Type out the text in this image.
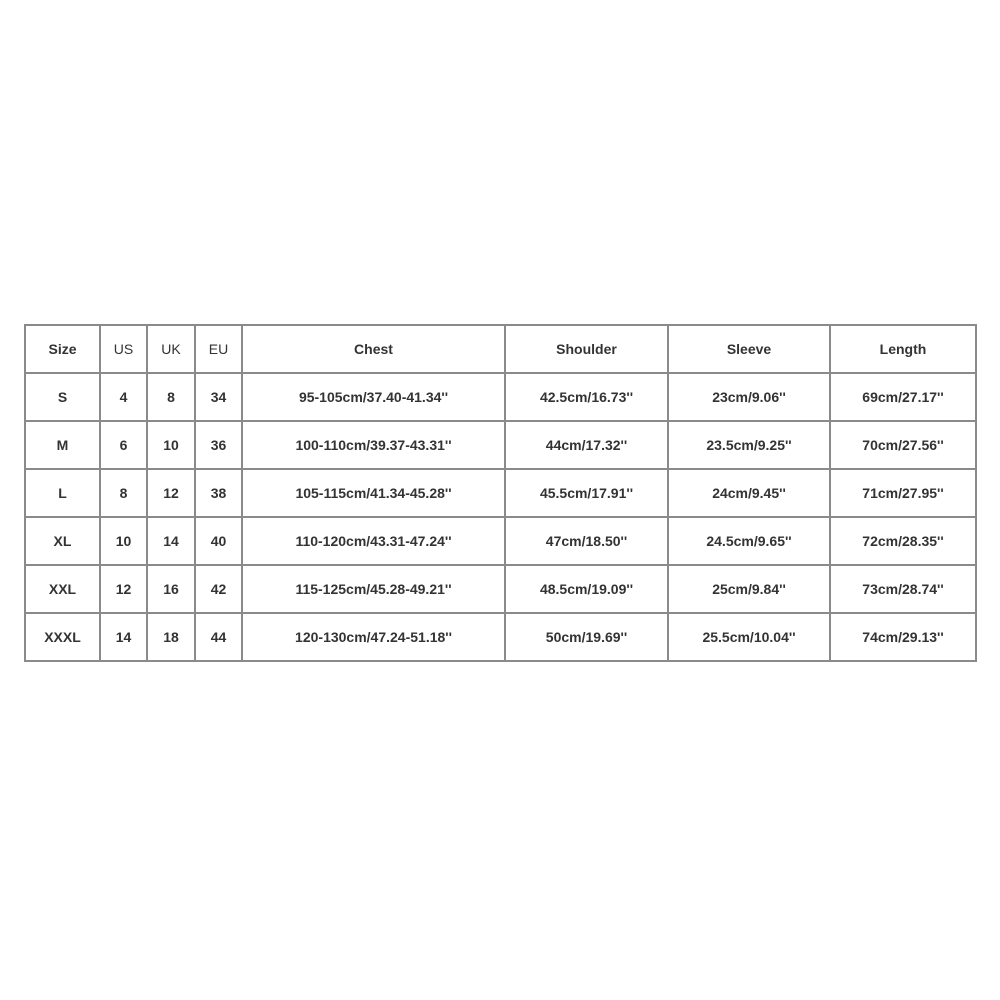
Size	US	UK	EU	Chest	Shoulder	Sleeve	Length
S	4	8	34	95-105cm/37.40-41.34''	42.5cm/16.73''	23cm/9.06''	69cm/27.17''
M	6	10	36	100-110cm/39.37-43.31''	44cm/17.32''	23.5cm/9.25''	70cm/27.56''
L	8	12	38	105-115cm/41.34-45.28''	45.5cm/17.91''	24cm/9.45''	71cm/27.95''
XL	10	14	40	110-120cm/43.31-47.24''	47cm/18.50''	24.5cm/9.65''	72cm/28.35''
XXL	12	16	42	115-125cm/45.28-49.21''	48.5cm/19.09''	25cm/9.84''	73cm/28.74''
XXXL	14	18	44	120-130cm/47.24-51.18''	50cm/19.69''	25.5cm/10.04''	74cm/29.13''
